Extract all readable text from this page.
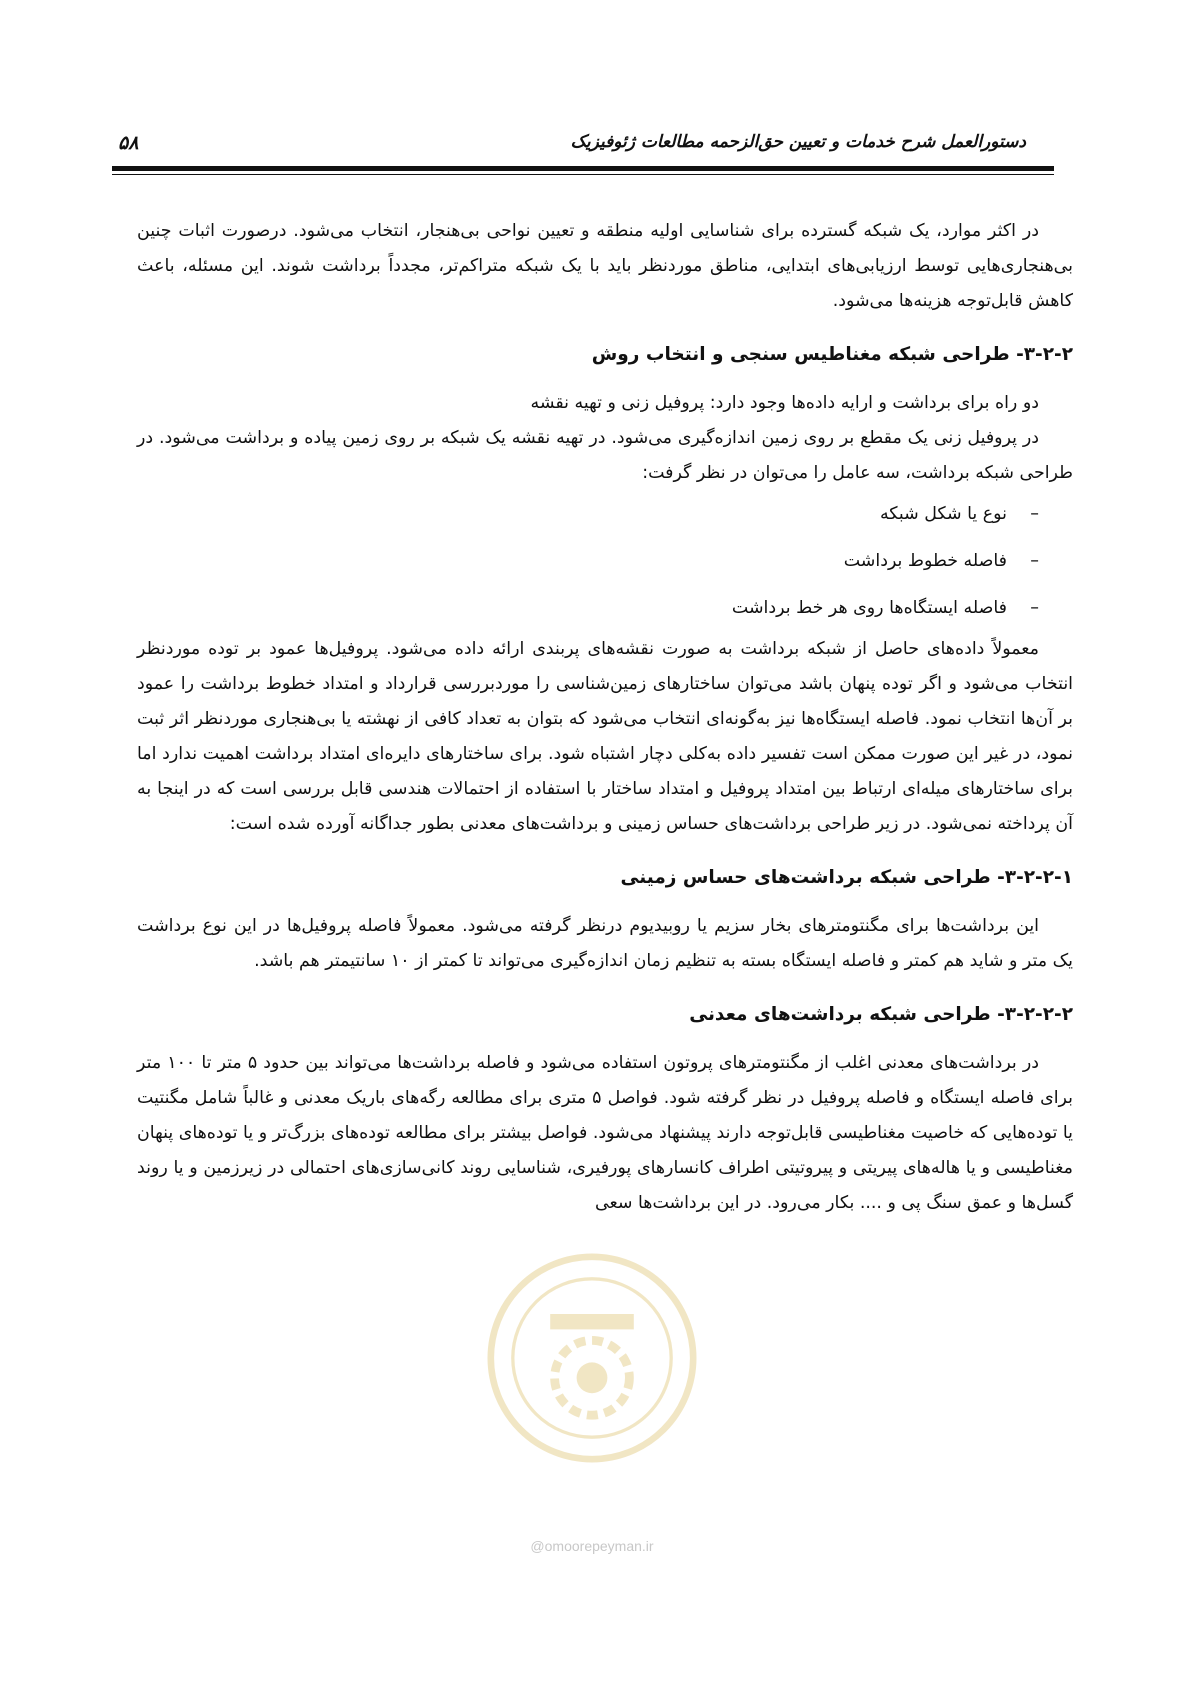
دستورالعمل شرح خدمات و تعیین حق‌الزحمه مطالعات ژئوفیزیک
۵۸

در اکثر موارد، یک شبکه گسترده برای شناسایی اولیه منطقه و تعیین نواحی بی‌هنجار، انتخاب می‌شود. درصورت اثبات چنین بی‌هنجاری‌هایی توسط ارزیابی‌های ابتدایی، مناطق موردنظر باید با یک شبکه متراکم‌تر، مجدداً برداشت شوند. این مسئله، باعث کاهش قابل‌توجه هزینه‌ها می‌شود.

۳-۲-۲- طراحی شبکه مغناطیس سنجی و انتخاب روش

دو راه برای برداشت و ارایه داده‌ها وجود دارد: پروفیل زنی و تهیه نقشه

در پروفیل زنی یک مقطع بر روی زمین اندازه‌گیری می‌شود. در تهیه نقشه یک شبکه بر روی زمین پیاده و برداشت می‌شود. در طراحی شبکه برداشت، سه عامل را می‌توان در نظر گرفت:

–نوع یا شکل شبکه
–فاصله خطوط برداشت
–فاصله ایستگاه‌ها روی هر خط برداشت

معمولاً داده‌های حاصل از شبکه برداشت به صورت نقشه‌های پربندی ارائه داده می‌شود. پروفیل‌ها عمود بر توده موردنظر انتخاب می‌شود و اگر توده پنهان باشد می‌توان ساختارهای زمین‌شناسی را موردبررسی قرارداد و امتداد خطوط برداشت را عمود بر آن‌ها انتخاب نمود. فاصله ایستگاه‌ها نیز به‌گونه‌ای انتخاب می‌شود که بتوان به تعداد کافی از نهشته یا بی‌هنجاری موردنظر اثر ثبت نمود، در غیر این صورت ممکن است تفسیر داده به‌کلی دچار اشتباه شود. برای ساختارهای دایره‌ای امتداد برداشت اهمیت ندارد اما برای ساختارهای میله‌ای ارتباط بین امتداد پروفیل و امتداد ساختار با استفاده از احتمالات هندسی قابل بررسی است که در اینجا به آن پرداخته نمی‌شود. در زیر طراحی برداشت‌های حساس زمینی و برداشت‌های معدنی بطور جداگانه آورده شده است:

۳-۲-۲-۱- طراحی شبکه برداشت‌های حساس زمینی

این برداشت‌ها برای مگنتومترهای بخار سزیم یا روبیدیوم درنظر گرفته می‌شود. معمولاً فاصله پروفیل‌ها در این نوع برداشت یک متر و شاید هم کمتر و فاصله ایستگاه بسته به تنظیم زمان اندازه‌گیری می‌تواند تا کمتر از ۱۰ سانتیمتر هم باشد.

۳-۲-۲-۲- طراحی شبکه برداشت‌های معدنی

در برداشت‌های معدنی اغلب از مگنتومترهای پروتون استفاده می‌شود و فاصله برداشت‌ها می‌تواند بین حدود ۵ متر تا ۱۰۰ متر برای فاصله ایستگاه و فاصله پروفیل در نظر گرفته شود. فواصل ۵ متری برای مطالعه رگه‌های باریک معدنی و غالباً شامل مگنتیت یا توده‌هایی که خاصیت مغناطیسی قابل‌توجه دارند پیشنهاد می‌شود. فواصل بیشتر برای مطالعه توده‌های بزرگ‌تر و یا توده‌های پنهان مغناطیسی و یا هاله‌های پیریتی و پیروتیتی اطراف کانسارهای پورفیری، شناسایی روند کانی‌سازی‌های احتمالی در زیرزمین و یا روند گسل‌ها و عمق سنگ پی و .... بکار می‌رود. در این برداشت‌ها سعی

@omoorepeyman.ir
